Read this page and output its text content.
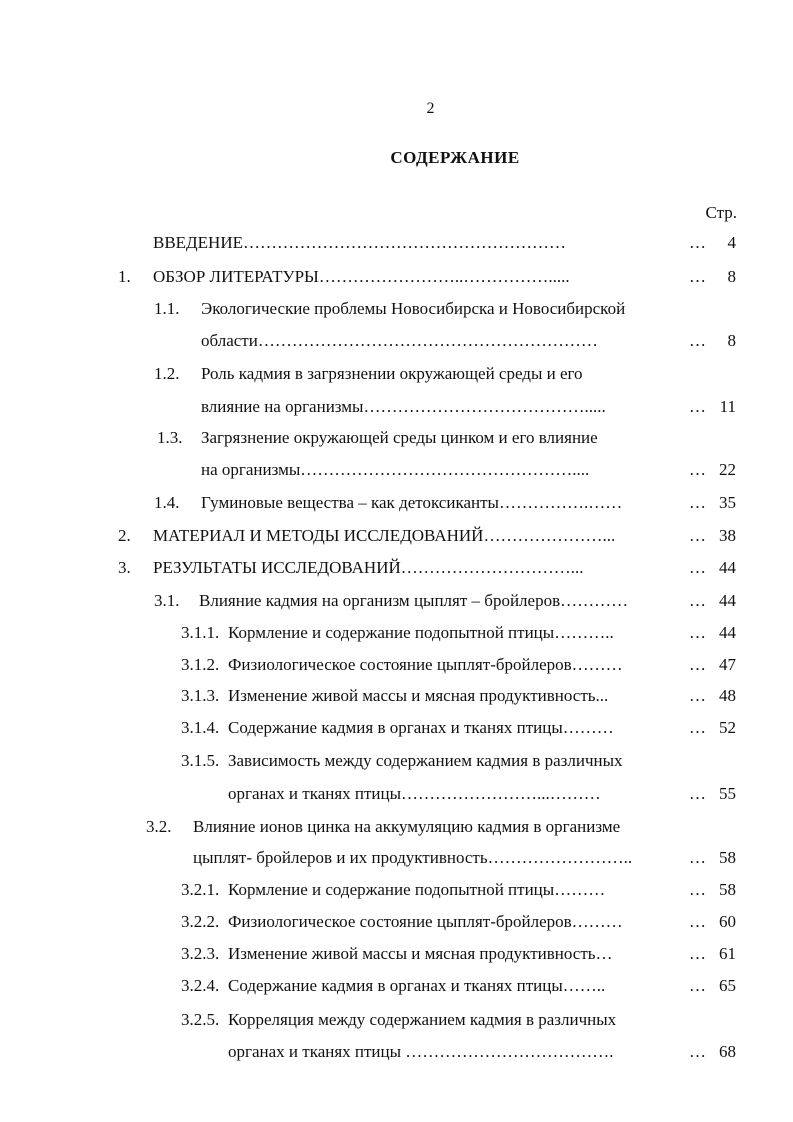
2
СОДЕРЖАНИЕ
Стр.
ВВЕДЕНИЕ…………………………………………………	… 4
1. ОБЗОР ЛИТЕРАТУРЫ……………………..…………….....	… 8
1.1. Экологические проблемы Новосибирска и Новосибирской
области……………………………………………………	… 8
1.2. Роль кадмия в загрязнении окружающей среды и его
влияние на организмы………………………………….....	… 11
1.3. Загрязнение окружающей среды цинком и его влияние
на организмы…………………………………………....	… 22
1.4. Гуминовые вещества – как детоксиканты…………….……	… 35
2. МАТЕРИАЛ И МЕТОДЫ ИССЛЕДОВАНИЙ…………………...	… 38
3. РЕЗУЛЬТАТЫ ИССЛЕДОВАНИЙ…………………………...	… 44
3.1. Влияние кадмия на организм цыплят – бройлеров…………	… 44
3.1.1. Кормление и содержание подопытной птицы………..	… 44
3.1.2. Физиологическое состояние цыплят-бройлеров………	… 47
3.1.3. Изменение живой массы и мясная продуктивность...	… 48
3.1.4. Содержание кадмия в органах и тканях птицы………	… 52
3.1.5. Зависимость между содержанием кадмия в различных
органах и тканях птицы……………………...………	… 55
3.2. Влияние ионов цинка на аккумуляцию кадмия в организме
цыплят- бройлеров и их продуктивность……………………..	… 58
3.2.1. Кормление и содержание подопытной птицы………	… 58
3.2.2. Физиологическое состояние цыплят-бройлеров………	… 60
3.2.3. Изменение живой массы и мясная продуктивность…	… 61
3.2.4. Содержание кадмия в органах и тканях птицы……..	… 65
3.2.5. Корреляция между содержанием кадмия в различных
органах и тканях птицы ……………………………….	… 68
